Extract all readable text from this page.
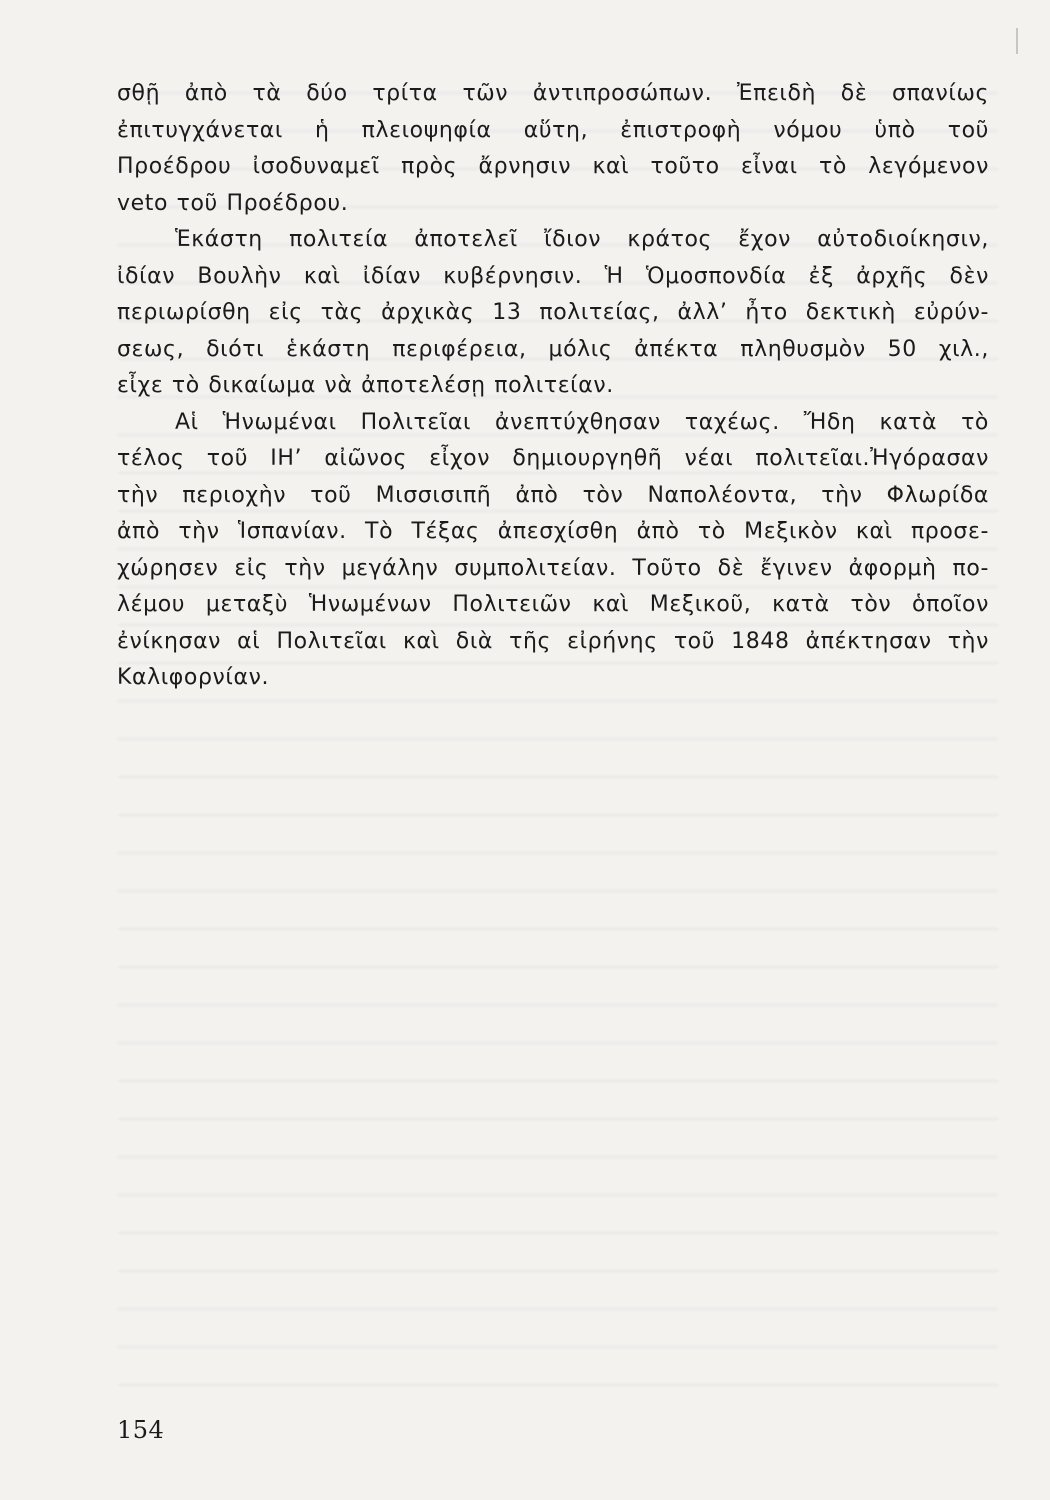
σθῇ ἀπὸ τὰ δύο τρίτα τῶν ἀντιπροσώπων. Ἐπειδὴ δὲ σπανίως
ἐπιτυγχάνεται ἡ πλειοψηφία αὕτη, ἐπιστροφὴ νόμου ὑπὸ τοῦ
Προέδρου ἰσοδυναμεῖ πρὸς ἄρνησιν καὶ τοῦτο εἶναι τὸ λεγόμενον
veto τοῦ Προέδρου.

Ἑκάστη πολιτεία ἀποτελεῖ ἴδιον κράτος ἔχον αὐτοδιοίκησιν,
ἰδίαν Βουλὴν καὶ ἰδίαν κυβέρνησιν. Ἡ Ὁμοσπονδία ἐξ ἀρχῆς δὲν
περιωρίσθη εἰς τὰς ἀρχικὰς 13 πολιτείας, ἀλλ’ ἦτο δεκτικὴ εὐρύν-
σεως, διότι ἑκάστη περιφέρεια, μόλις ἀπέκτα πληθυσμὸν 50 χιλ.,
εἶχε τὸ δικαίωμα νὰ ἀποτελέσῃ πολιτείαν.

Αἱ Ἡνωμέναι Πολιτεῖαι ἀνεπτύχθησαν ταχέως. Ἤδη κατὰ τὸ
τέλος τοῦ ΙΗ’ αἰῶνος εἶχον δημιουργηθῆ νέαι πολιτεῖαι.Ἠγόρασαν
τὴν περιοχὴν τοῦ Μισσισιπῆ ἀπὸ τὸν Ναπολέοντα, τὴν Φλωρίδα
ἀπὸ τὴν Ἱσπανίαν. Τὸ Τέξας ἀπεσχίσθη ἀπὸ τὸ Μεξικὸν καὶ προσε-
χώρησεν εἰς τὴν μεγάλην συμπολιτείαν. Τοῦτο δὲ ἔγινεν ἀφορμὴ πο-
λέμου μεταξὺ Ἡνωμένων Πολιτειῶν καὶ Μεξικοῦ, κατὰ τὸν ὁποῖον
ἐνίκησαν αἱ Πολιτεῖαι καὶ διὰ τῆς εἰρήνης τοῦ 1848 ἀπέκτησαν τὴν
Καλιφορνίαν.

154
